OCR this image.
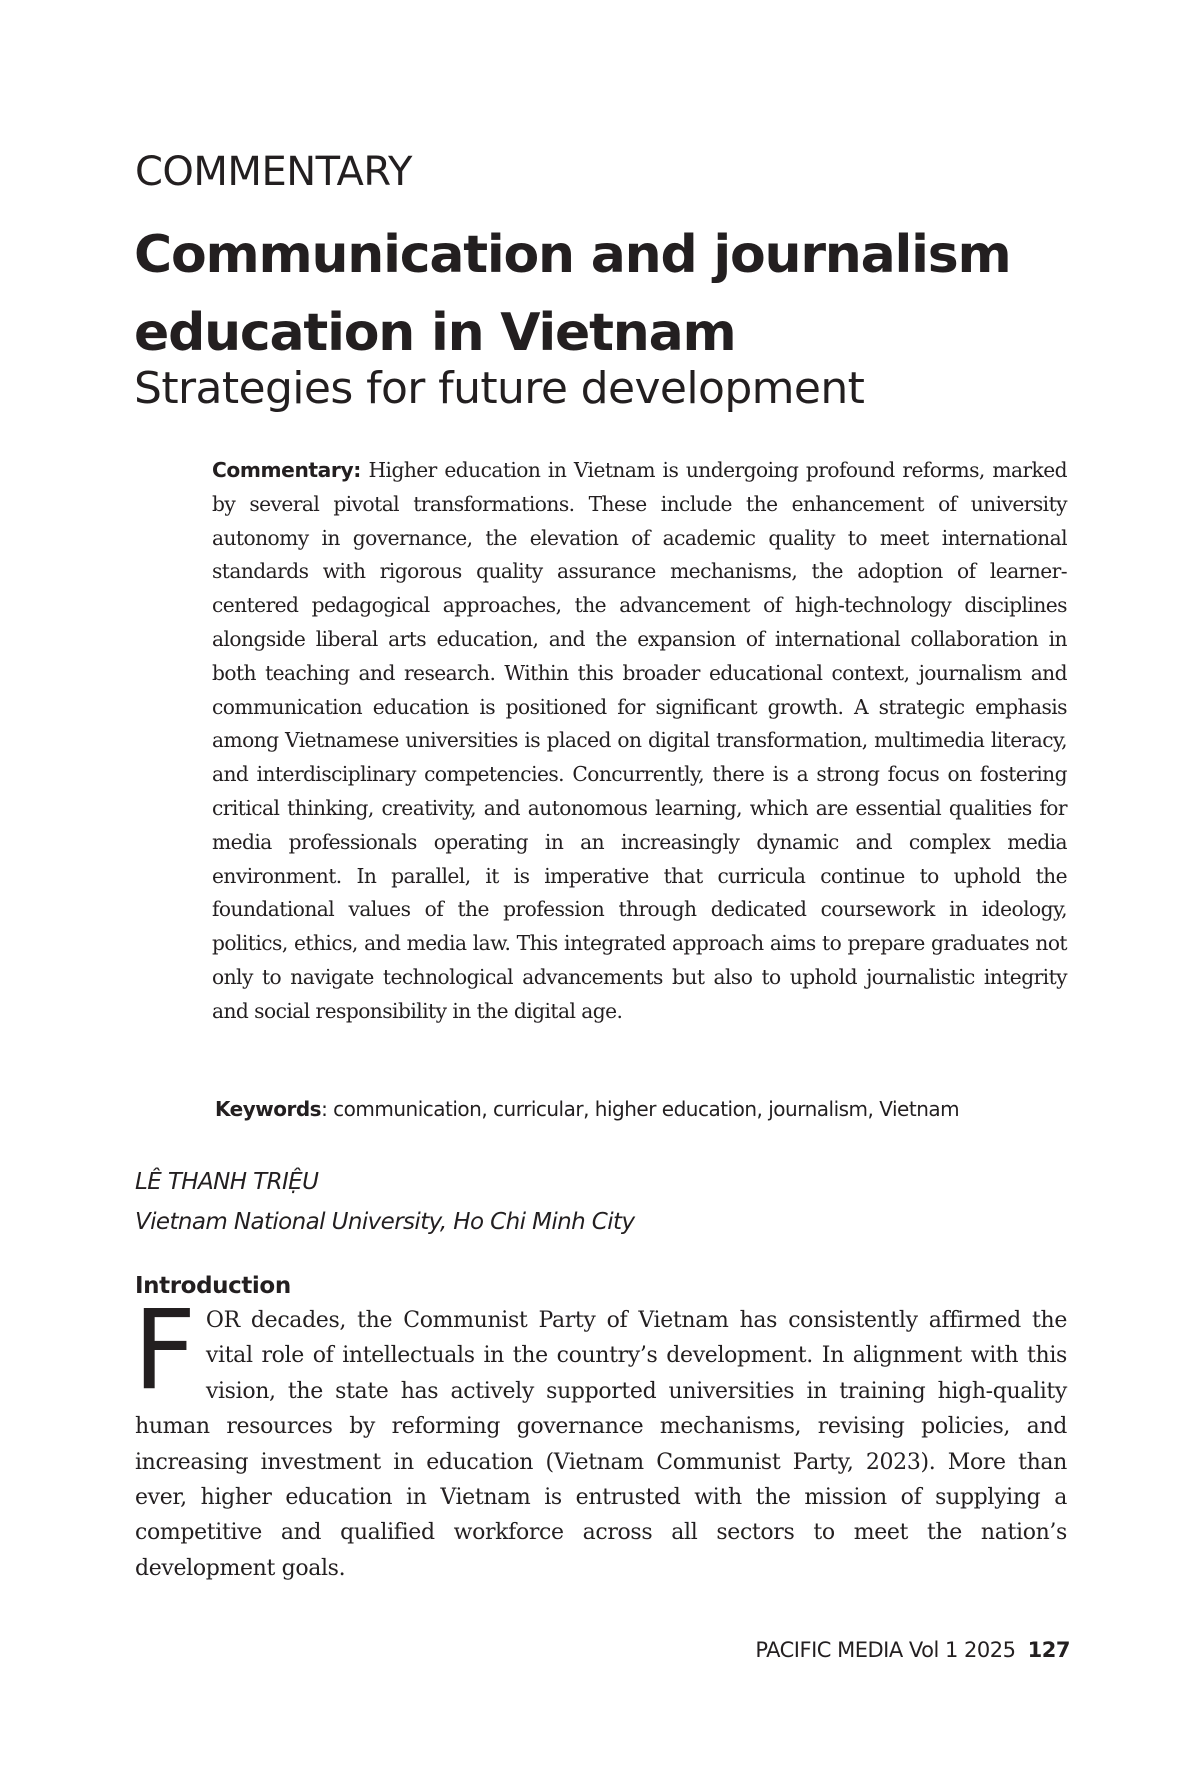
COMMENTARY

Communication and journalism education in Vietnam
Strategies for future development

Commentary: Higher education in Vietnam is undergoing profound reforms, marked by several pivotal transformations. These include the enhancement of university autonomy in governance, the elevation of academic quality to meet international standards with rigorous quality assurance mechanisms, the adoption of learner-centered pedagogical approaches, the advancement of high-technology disciplines alongside liberal arts education, and the expansion of international collaboration in both teaching and research. Within this broader educational context, journalism and communication education is positioned for significant growth. A strategic emphasis among Vietnamese universities is placed on digital transformation, multimedia literacy, and interdisciplinary competencies. Concurrently, there is a strong focus on fostering critical thinking, creativity, and autonomous learning, which are essential qualities for media professionals operating in an increasingly dynamic and complex media environment. In parallel, it is imperative that curricula continue to uphold the foundational values of the profession through dedicated coursework in ideology, politics, ethics, and media law. This integrated approach aims to prepare graduates not only to navigate technological advancements but also to uphold journalistic integrity and social responsibility in the digital age.

Keywords: communication, curricular, higher education, journalism, Vietnam

LÊ THANH TRIỆU

Vietnam National University, Ho Chi Minh City

Introduction

FOR decades, the Communist Party of Vietnam has consistently affirmed the vital role of intellectuals in the country’s development. In alignment with this vision, the state has actively supported universities in training high-quality human resources by reforming governance mechanisms, revising policies, and increasing investment in education (Vietnam Communist Party, 2023). More than ever, higher education in Vietnam is entrusted with the mission of supplying a competitive and qualified workforce across all sectors to meet the nation’s development goals.

PACIFIC MEDIA Vol 1 2025 127
